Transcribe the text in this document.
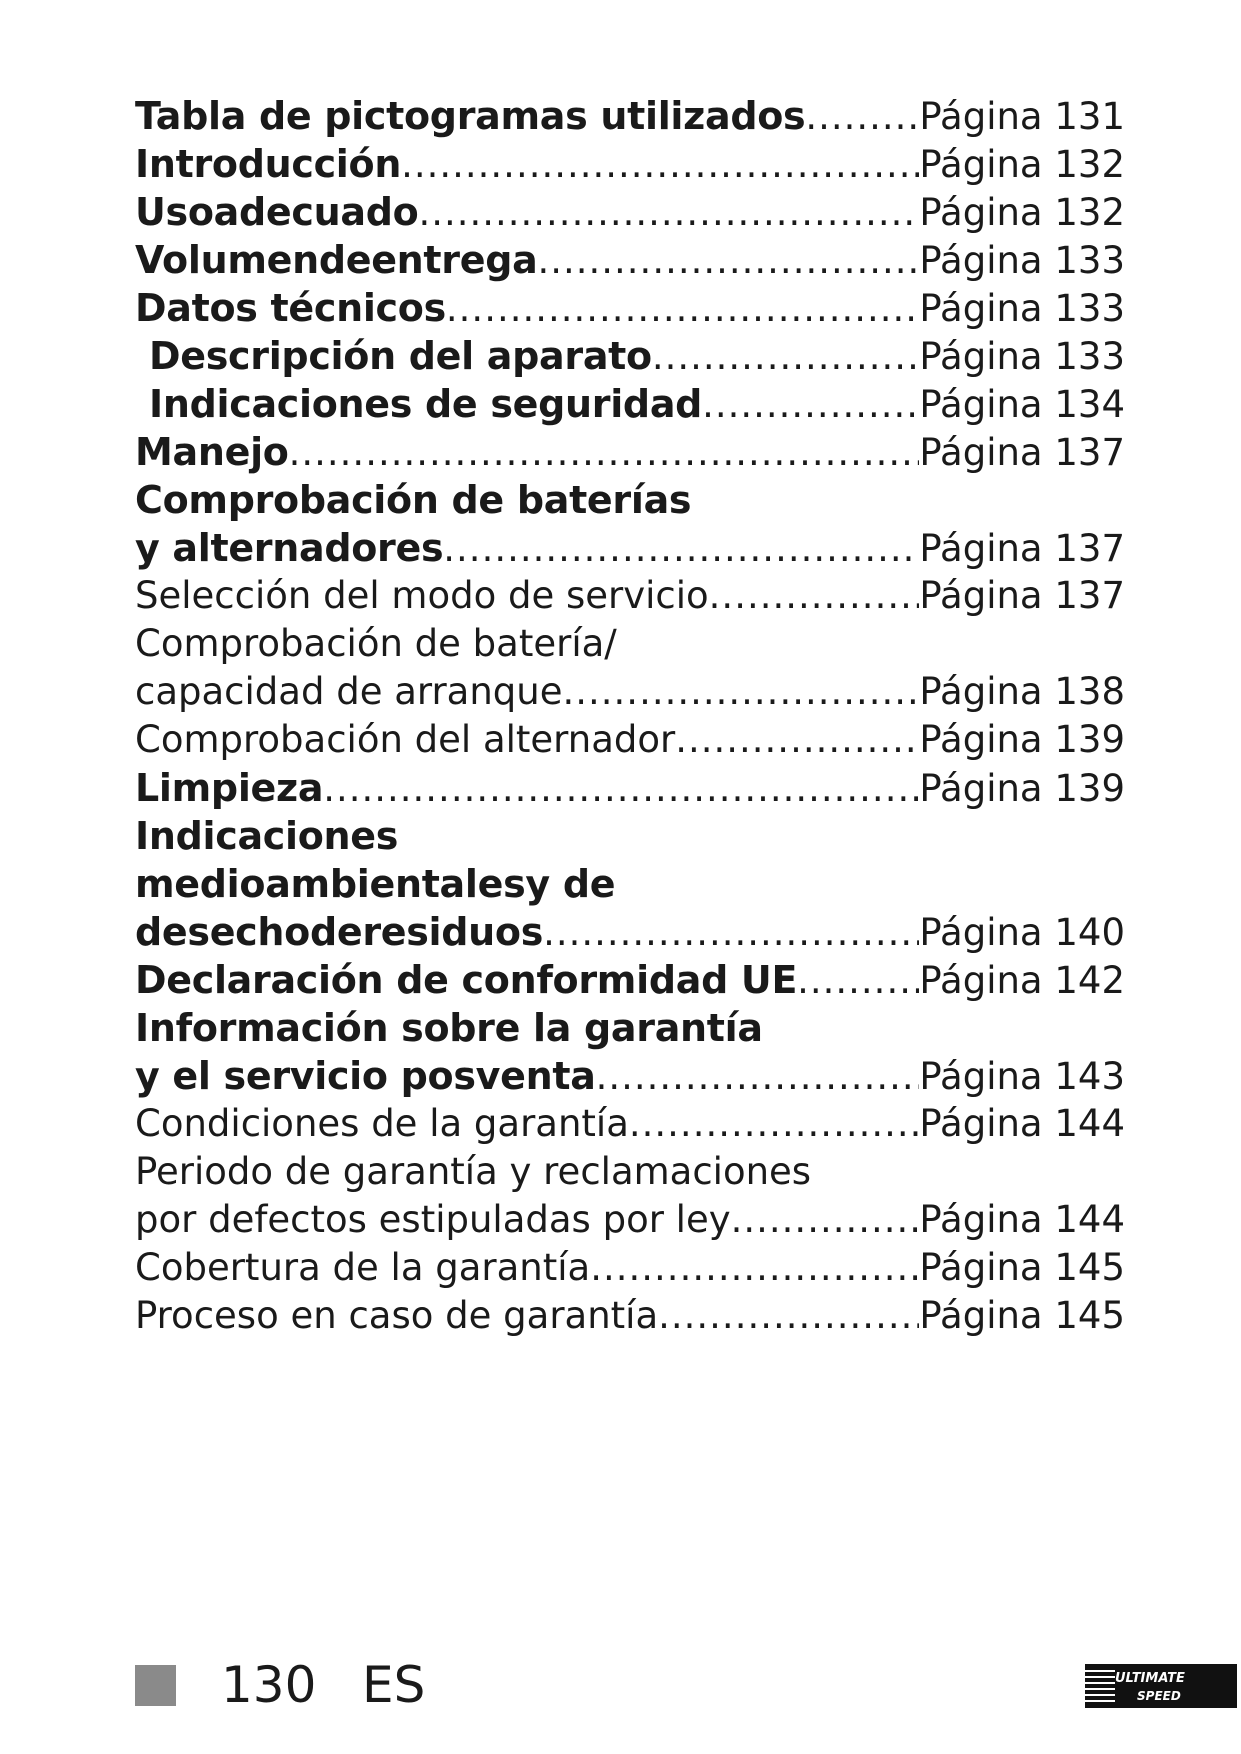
Tabla de pictogramas utilizados .....	Página 131
Introducción .....	Página 132
Usoadecuado .....	Página 132
Volumendeentrega .....	Página 133
Datos técnicos .....	Página 133
Descripción del aparato .....	Página 133
Indicaciones de seguridad .....	Página 134
Manejo .....	Página 137
Comprobación de baterías
y alternadores .....	Página 137
Selección del modo de servicio .....	Página 137
Comprobación de batería/
capacidad de arranque .....	Página 138
Comprobación del alternador .....	Página 139
Limpieza .....	Página 139
Indicaciones
medioambientalesy de
desechoderesiduos .....	Página 140
Declaración de conformidad UE .....	Página 142
Información sobre la garantía
y el servicio posventa .....	Página 143
Condiciones de la garantía .....	Página 144
Periodo de garantía y reclamaciones
por defectos estipuladas por ley .....	Página 144
Cobertura de la garantía .....	Página 145
Proceso en caso de garantía .....	Página 145
130 ES	ULTIMATE
SPEED
